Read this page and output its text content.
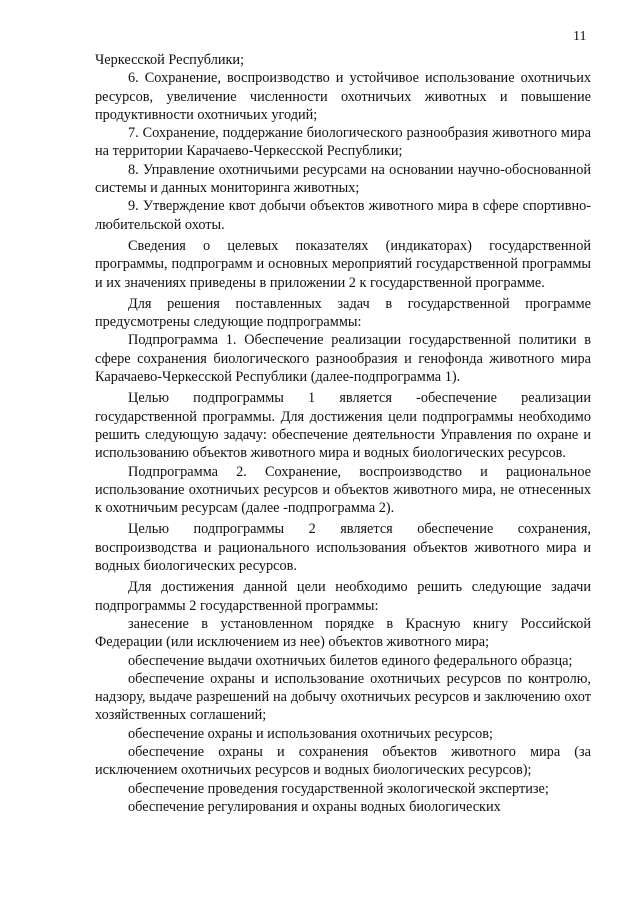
11

Черкесской Республики;

6. Сохранение, воспроизводство и устойчивое использование охотничьих ресурсов, увеличение численности охотничьих животных и повышение продуктивности охотничьих угодий;

7. Сохранение, поддержание биологического разнообразия животного мира на территории Карачаево-Черкесской Республики;

8. Управление охотничьими ресурсами на основании научно-обоснованной системы и данных мониторинга животных;

9. Утверждение квот добычи объектов животного мира в сфере спортивно-любительской охоты.

Сведения о целевых показателях (индикаторах) государственной программы, подпрограмм и основных мероприятий государственной программы и их значениях приведены в приложении 2 к государственной программе.

Для решения поставленных задач в государственной программе предусмотрены следующие подпрограммы:

Подпрограмма 1. Обеспечение реализации государственной политики в сфере сохранения биологического разнообразия и генофонда животного мира Карачаево-Черкесской Республики (далее-подпрограмма 1).

Целью подпрограммы 1 является -обеспечение реализации государственной программы. Для достижения цели подпрограммы необходимо решить следующую задачу: обеспечение деятельности Управления по охране и использованию объектов животного мира и водных биологических ресурсов.

Подпрограмма 2. Сохранение, воспроизводство и рациональное использование охотничьих ресурсов и объектов животного мира, не отнесенных к охотничьим ресурсам (далее -подпрограмма 2).

Целью подпрограммы 2 является обеспечение сохранения, воспроизводства и рационального использования объектов животного мира и водных биологических ресурсов.

Для достижения данной цели необходимо решить следующие задачи подпрограммы 2 государственной программы:

занесение в установленном порядке в Красную книгу Российской Федерации (или исключением из нее) объектов животного мира;

обеспечение выдачи охотничьих билетов единого федерального образца;

обеспечение охраны и использование охотничьих ресурсов по контролю, надзору, выдаче разрешений на добычу охотничьих ресурсов и заключению охот хозяйственных соглашений;

обеспечение охраны и использования охотничьих ресурсов;

обеспечение охраны и сохранения объектов животного мира (за исключением охотничьих ресурсов и водных биологических ресурсов);

обеспечение проведения государственной экологической экспертизе;

обеспечение регулирования и охраны водных биологических
